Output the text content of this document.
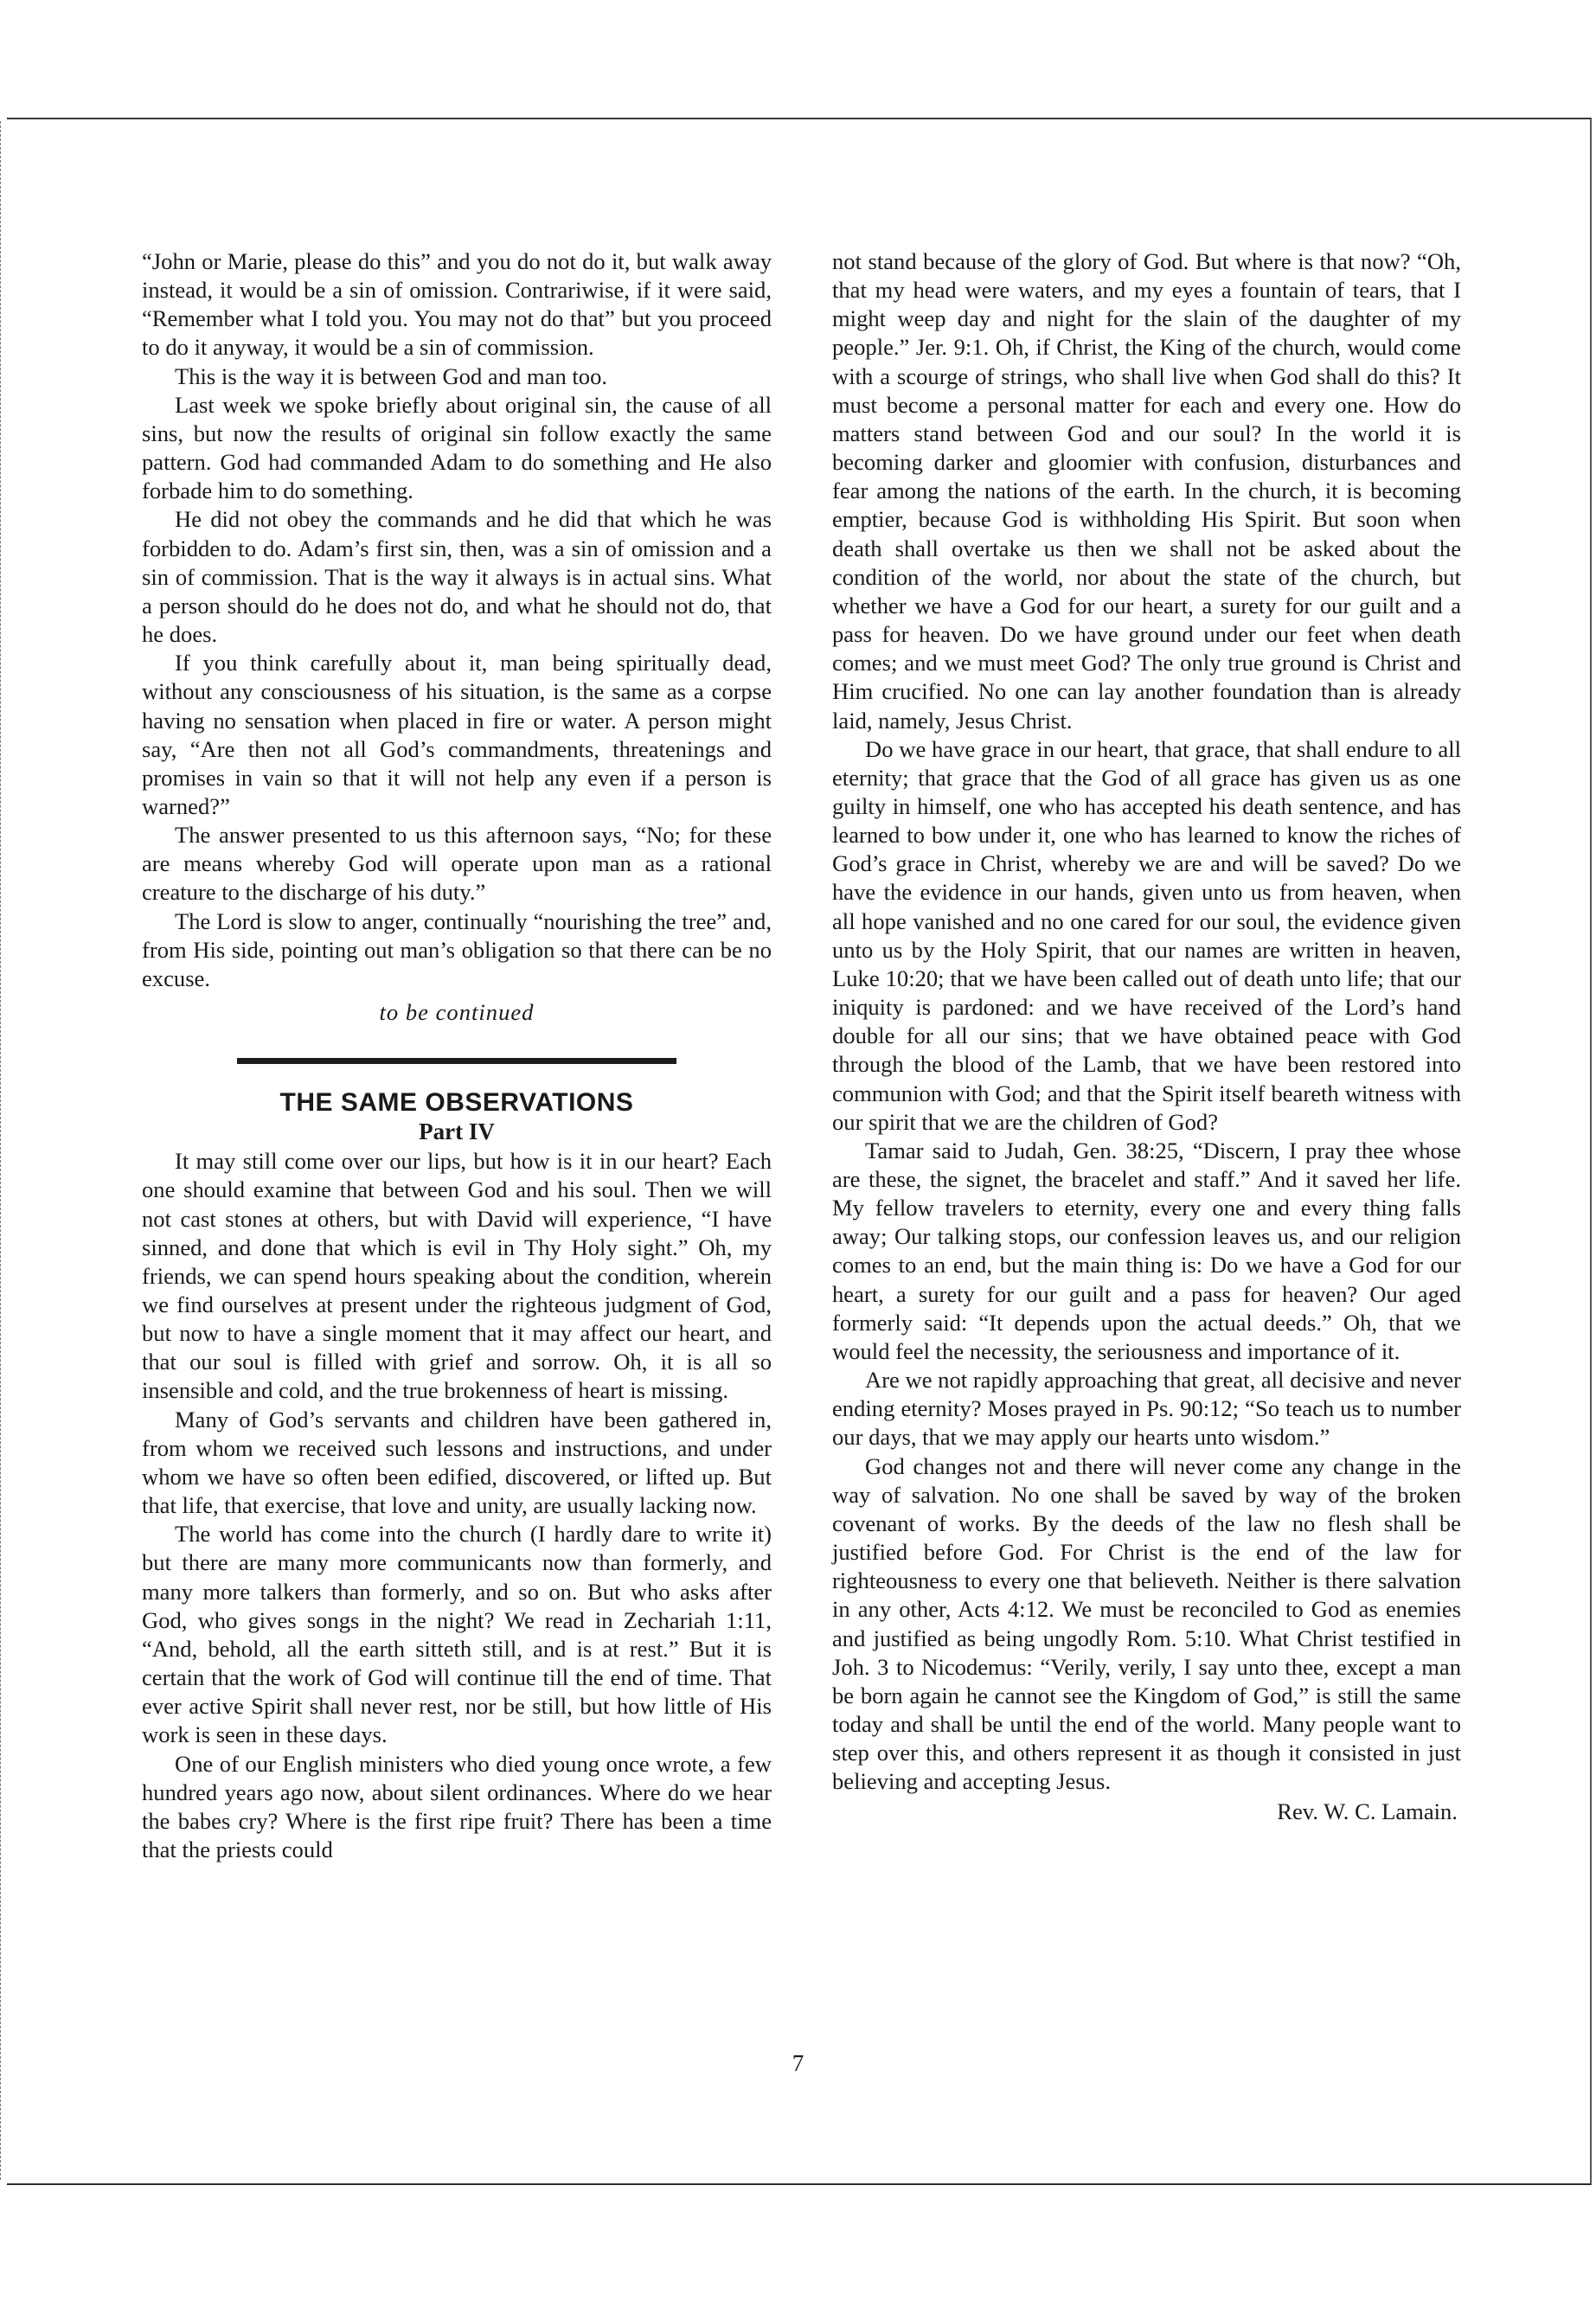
“John or Marie, please do this” and you do not do it, but walk away instead, it would be a sin of omission. Contrariwise, if it were said, “Remember what I told you. You may not do that” but you proceed to do it anyway, it would be a sin of commission.

This is the way it is between God and man too.

Last week we spoke briefly about original sin, the cause of all sins, but now the results of original sin follow exactly the same pattern. God had commanded Adam to do something and He also forbade him to do something.

He did not obey the commands and he did that which he was forbidden to do. Adam’s first sin, then, was a sin of omission and a sin of commission. That is the way it always is in actual sins. What a person should do he does not do, and what he should not do, that he does.

If you think carefully about it, man being spiritually dead, without any consciousness of his situation, is the same as a corpse having no sensation when placed in fire or water. A person might say, “Are then not all God’s commandments, threatenings and promises in vain so that it will not help any even if a person is warned?”

The answer presented to us this afternoon says, “No; for these are means whereby God will operate upon man as a rational creature to the discharge of his duty.”

The Lord is slow to anger, continually “nourishing the tree” and, from His side, pointing out man’s obligation so that there can be no excuse.

to be continued
THE SAME OBSERVATIONS
Part IV

It may still come over our lips, but how is it in our heart? Each one should examine that between God and his soul. Then we will not cast stones at others, but with David will experience, “I have sinned, and done that which is evil in Thy Holy sight.” Oh, my friends, we can spend hours speaking about the condition, wherein we find ourselves at present under the righteous judgment of God, but now to have a single moment that it may affect our heart, and that our soul is filled with grief and sorrow. Oh, it is all so insensible and cold, and the true brokenness of heart is missing.

Many of God’s servants and children have been gathered in, from whom we received such lessons and instructions, and under whom we have so often been edified, discovered, or lifted up. But that life, that exercise, that love and unity, are usually lacking now.

The world has come into the church (I hardly dare to write it) but there are many more communicants now than formerly, and many more talkers than formerly, and so on. But who asks after God, who gives songs in the night? We read in Zechariah 1:11, “And, behold, all the earth sitteth still, and is at rest.” But it is certain that the work of God will continue till the end of time. That ever active Spirit shall never rest, nor be still, but how little of His work is seen in these days.

One of our English ministers who died young once wrote, a few hundred years ago now, about silent ordinances. Where do we hear the babes cry? Where is the first ripe fruit? There has been a time that the priests could

not stand because of the glory of God. But where is that now? “Oh, that my head were waters, and my eyes a fountain of tears, that I might weep day and night for the slain of the daughter of my people.” Jer. 9:1. Oh, if Christ, the King of the church, would come with a scourge of strings, who shall live when God shall do this? It must become a personal matter for each and every one. How do matters stand between God and our soul? In the world it is becoming darker and gloomier with confusion, disturbances and fear among the nations of the earth. In the church, it is becoming emptier, because God is withholding His Spirit. But soon when death shall overtake us then we shall not be asked about the condition of the world, nor about the state of the church, but whether we have a God for our heart, a surety for our guilt and a pass for heaven. Do we have ground under our feet when death comes; and we must meet God? The only true ground is Christ and Him crucified. No one can lay another foundation than is already laid, namely, Jesus Christ.

Do we have grace in our heart, that grace, that shall endure to all eternity; that grace that the God of all grace has given us as one guilty in himself, one who has accepted his death sentence, and has learned to bow under it, one who has learned to know the riches of God’s grace in Christ, whereby we are and will be saved? Do we have the evidence in our hands, given unto us from heaven, when all hope vanished and no one cared for our soul, the evidence given unto us by the Holy Spirit, that our names are written in heaven, Luke 10:20; that we have been called out of death unto life; that our iniquity is pardoned: and we have received of the Lord’s hand double for all our sins; that we have obtained peace with God through the blood of the Lamb, that we have been restored into communion with God; and that the Spirit itself beareth witness with our spirit that we are the children of God?

Tamar said to Judah, Gen. 38:25, “Discern, I pray thee whose are these, the signet, the bracelet and staff.” And it saved her life. My fellow travelers to eternity, every one and every thing falls away; Our talking stops, our confession leaves us, and our religion comes to an end, but the main thing is: Do we have a God for our heart, a surety for our guilt and a pass for heaven? Our aged formerly said: “It depends upon the actual deeds.” Oh, that we would feel the necessity, the seriousness and importance of it.

Are we not rapidly approaching that great, all decisive and never ending eternity? Moses prayed in Ps. 90:12; “So teach us to number our days, that we may apply our hearts unto wisdom.”

God changes not and there will never come any change in the way of salvation. No one shall be saved by way of the broken covenant of works. By the deeds of the law no flesh shall be justified before God. For Christ is the end of the law for righteousness to every one that believeth. Neither is there salvation in any other, Acts 4:12. We must be reconciled to God as enemies and justified as being ungodly Rom. 5:10. What Christ testified in Joh. 3 to Nicodemus: “Verily, verily, I say unto thee, except a man be born again he cannot see the Kingdom of God,” is still the same today and shall be until the end of the world. Many people want to step over this, and others represent it as though it consisted in just believing and accepting Jesus.

Rev. W. C. Lamain.
7
